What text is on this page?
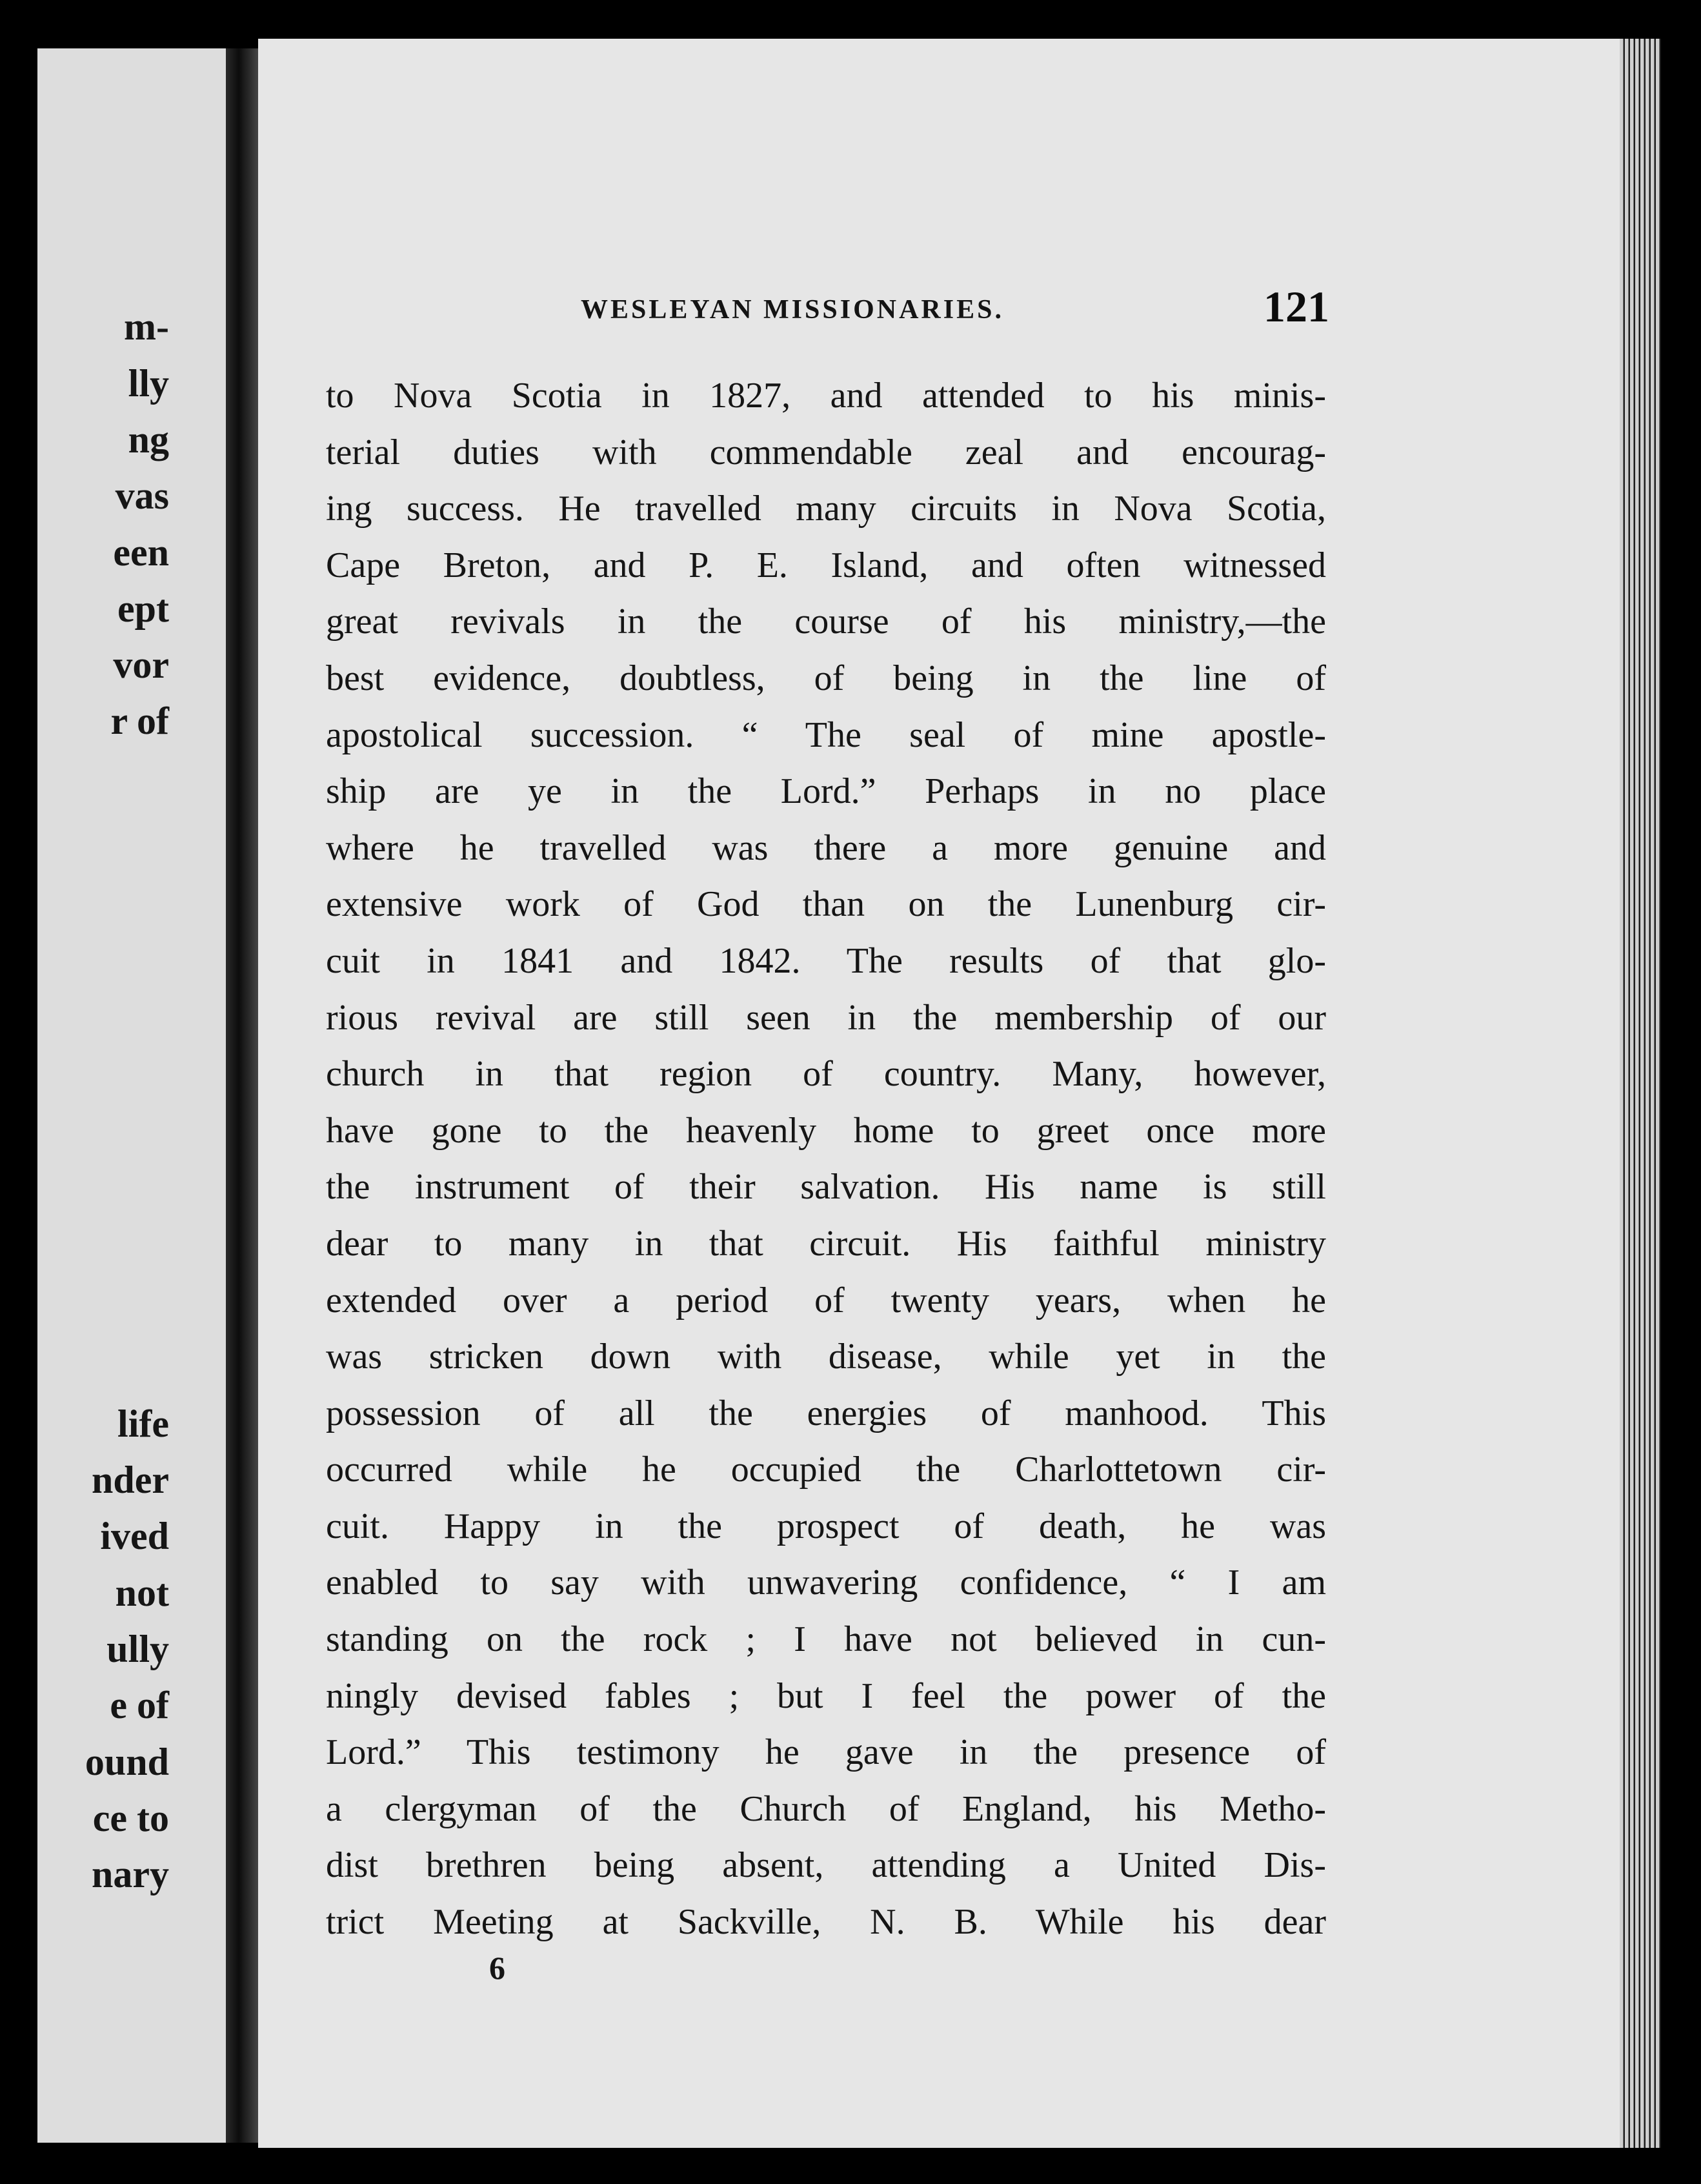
m-
lly
ng
vas
een
ept
vor
r of
life
nder
ived
not
ully
e of
ound
ce to
nary
WESLEYAN MISSIONARIES.	121
to Nova Scotia in 1827, and attended to his minis-
terial duties with commendable zeal and encourag-
ing success. He travelled many circuits in Nova Scotia,
Cape Breton, and P. E. Island, and often witnessed
great revivals in the course of his ministry,—the
best evidence, doubtless, of being in the line of
apostolical succession. “ The seal of mine apostle-
ship are ye in the Lord.” Perhaps in no place
where he travelled was there a more genuine and
extensive work of God than on the Lunenburg cir-
cuit in 1841 and 1842. The results of that glo-
rious revival are still seen in the membership of our
church in that region of country. Many, however,
have gone to the heavenly home to greet once more
the instrument of their salvation. His name is still
dear to many in that circuit. His faithful ministry
extended over a period of twenty years, when he
was stricken down with disease, while yet in the
possession of all the energies of manhood. This
occurred while he occupied the Charlottetown cir-
cuit. Happy in the prospect of death, he was
enabled to say with unwavering confidence, “ I am
standing on the rock ; I have not believed in cun-
ningly devised fables ; but I feel the power of the
Lord.” This testimony he gave in the presence of
a clergyman of the Church of England, his Metho-
dist brethren being absent, attending a United Dis-
trict Meeting at Sackville, N. B. While his dear
6
